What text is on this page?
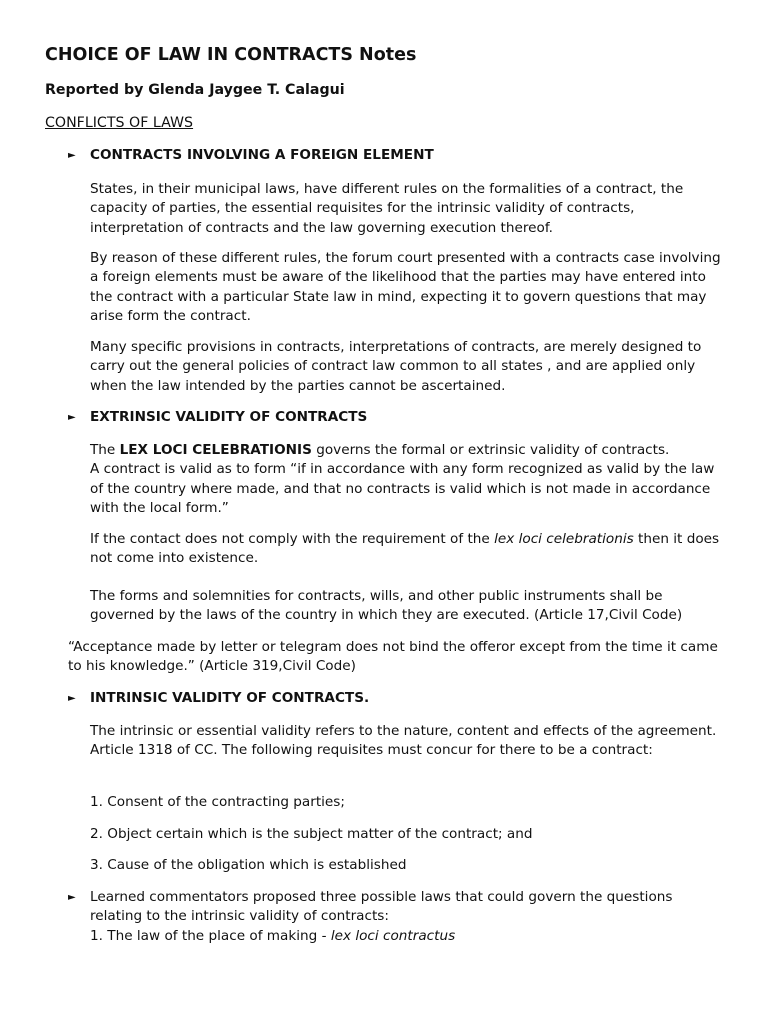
CHOICE OF LAW IN CONTRACTS Notes
Reported by Glenda Jaygee T. Calagui
CONFLICTS OF LAWS
► CONTRACTS INVOLVING A FOREIGN ELEMENT

States, in their municipal laws, have different rules on the formalities of a contract, the capacity of parties, the essential requisites for the intrinsic validity of contracts, interpretation of contracts and the law governing execution thereof.

By reason of these different rules, the forum court presented with a contracts case involving a foreign elements must be aware of the likelihood that the parties may have entered into the contract with a particular State law in mind, expecting it to govern questions that may arise form the contract.

Many specific provisions in contracts, interpretations of contracts, are merely designed to carry out the general policies of contract law common to all states , and are applied only when the law intended by the parties cannot be ascertained.

► EXTRINSIC VALIDITY OF CONTRACTS

The LEX LOCI CELEBRATIONIS governs the formal or extrinsic validity of contracts.
A contract is valid as to form “if in accordance with any form recognized as valid by the law of the country where made, and that no contracts is valid which is not made in accordance with the local form.”

If the contact does not comply with the requirement of the lex loci celebrationis then it does not come into existence.

The forms and solemnities for contracts, wills, and other public instruments shall be governed by the laws of the country in which they are executed. (Article 17,Civil Code)

“Acceptance made by letter or telegram does not bind the offeror except from the time it came to his knowledge.” (Article 319,Civil Code)

► INTRINSIC VALIDITY OF CONTRACTS.

The intrinsic or essential validity refers to the nature, content and effects of the agreement.
Article 1318 of CC. The following requisites must concur for there to be a contract:

1. Consent of the contracting parties;

2. Object certain which is the subject matter of the contract; and

3. Cause of the obligation which is established

► Learned commentators proposed three possible laws that could govern the questions relating to the intrinsic validity of contracts:
1. The law of the place of making - lex loci contractus
